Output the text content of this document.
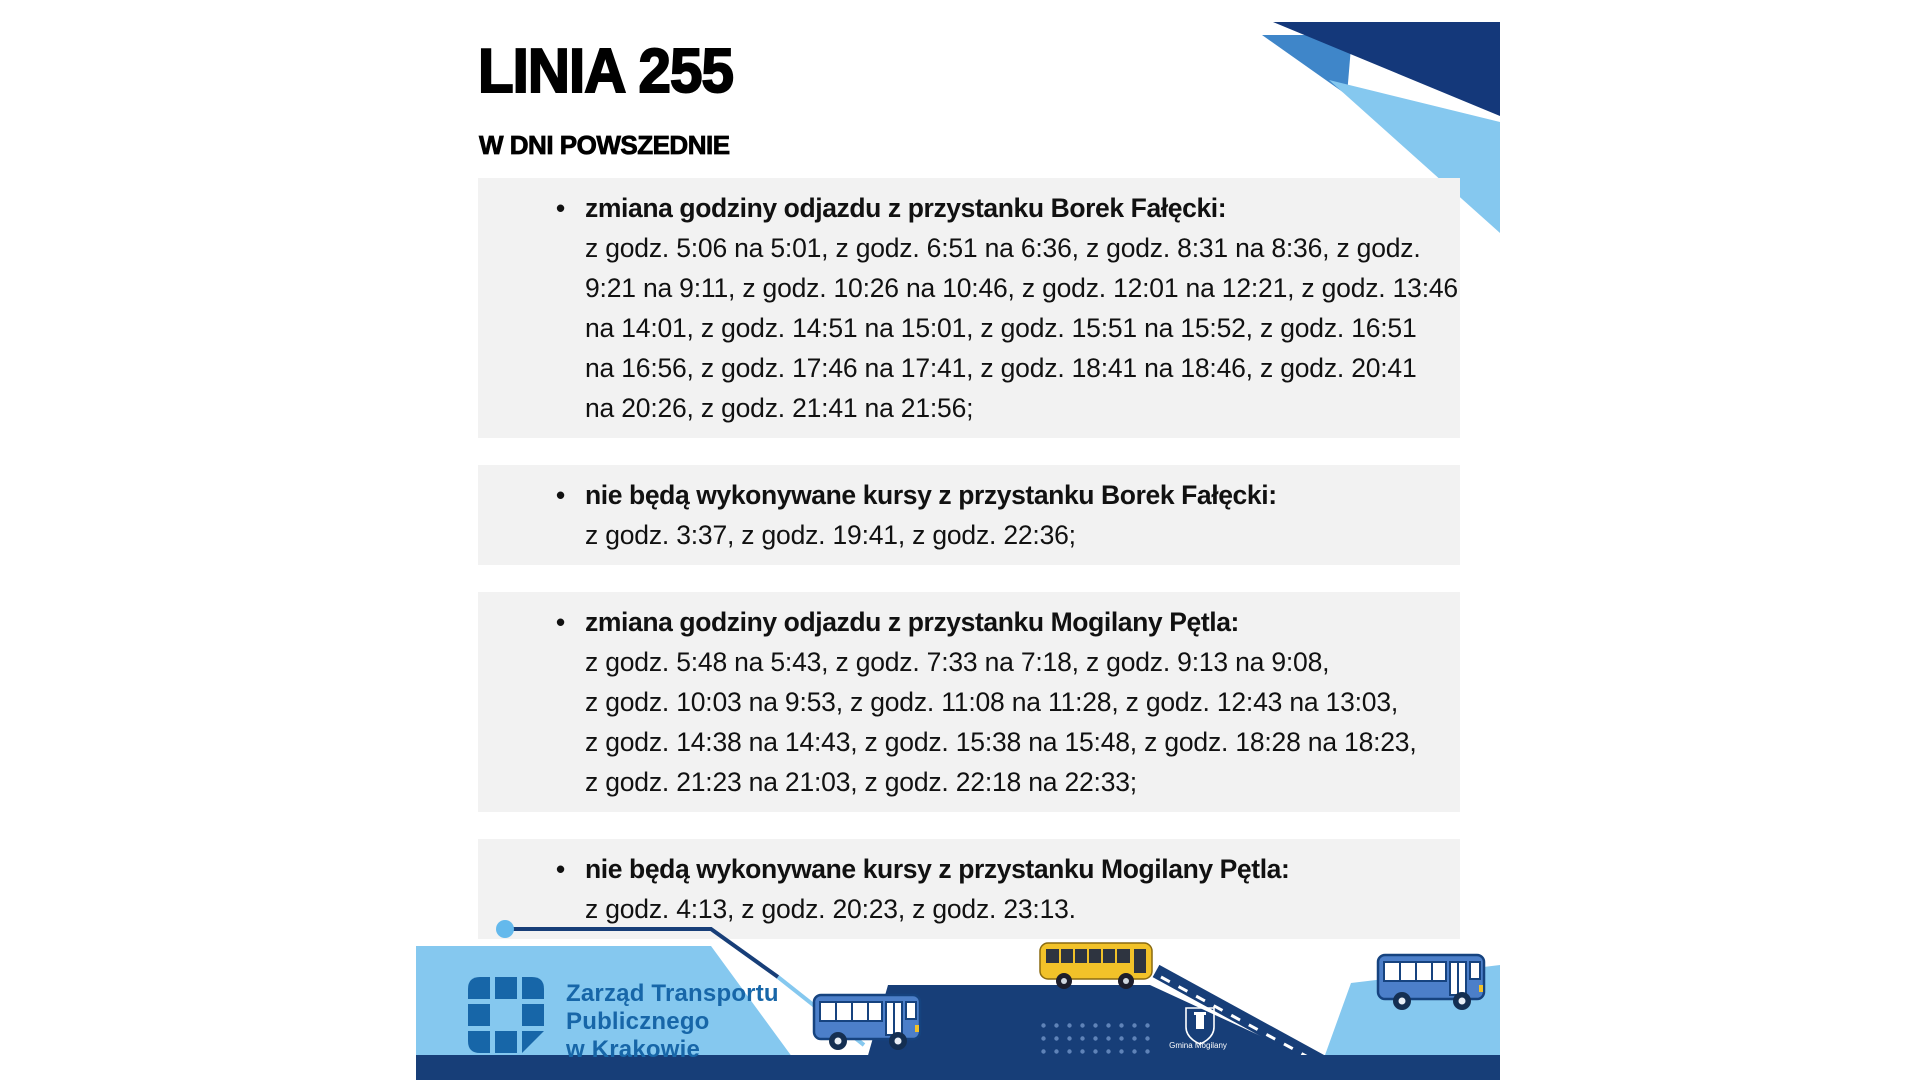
LINIA 255
W DNI POWSZEDNIE
• zmiana godziny odjazdu z przystanku Borek Fałęcki:
z godz. 5:06 na 5:01, z godz. 6:51 na 6:36, z godz. 8:31 na 8:36, z godz.
9:21 na 9:11, z godz. 10:26 na 10:46, z godz. 12:01 na 12:21, z godz. 13:46
na 14:01, z godz. 14:51 na 15:01, z godz. 15:51 na 15:52, z godz. 16:51
na 16:56, z godz. 17:46 na 17:41, z godz. 18:41 na 18:46, z godz. 20:41
na 20:26, z godz. 21:41 na 21:56;
• nie będą wykonywane kursy z przystanku Borek Fałęcki:
z godz. 3:37, z godz. 19:41, z godz. 22:36;
• zmiana godziny odjazdu z przystanku Mogilany Pętla:
z godz. 5:48 na 5:43, z godz. 7:33 na 7:18, z godz. 9:13 na 9:08,
z godz. 10:03 na 9:53, z godz. 11:08 na 11:28, z godz. 12:43 na 13:03,
z godz. 14:38 na 14:43, z godz. 15:38 na 15:48, z godz. 18:28 na 18:23,
z godz. 21:23 na 21:03, z godz. 22:18 na 22:33;
• nie będą wykonywane kursy z przystanku Mogilany Pętla:
z godz. 4:13, z godz. 20:23, z godz. 23:13.
Zarząd Transportu
Publicznego
w Krakowie	Gmina Mogilany
